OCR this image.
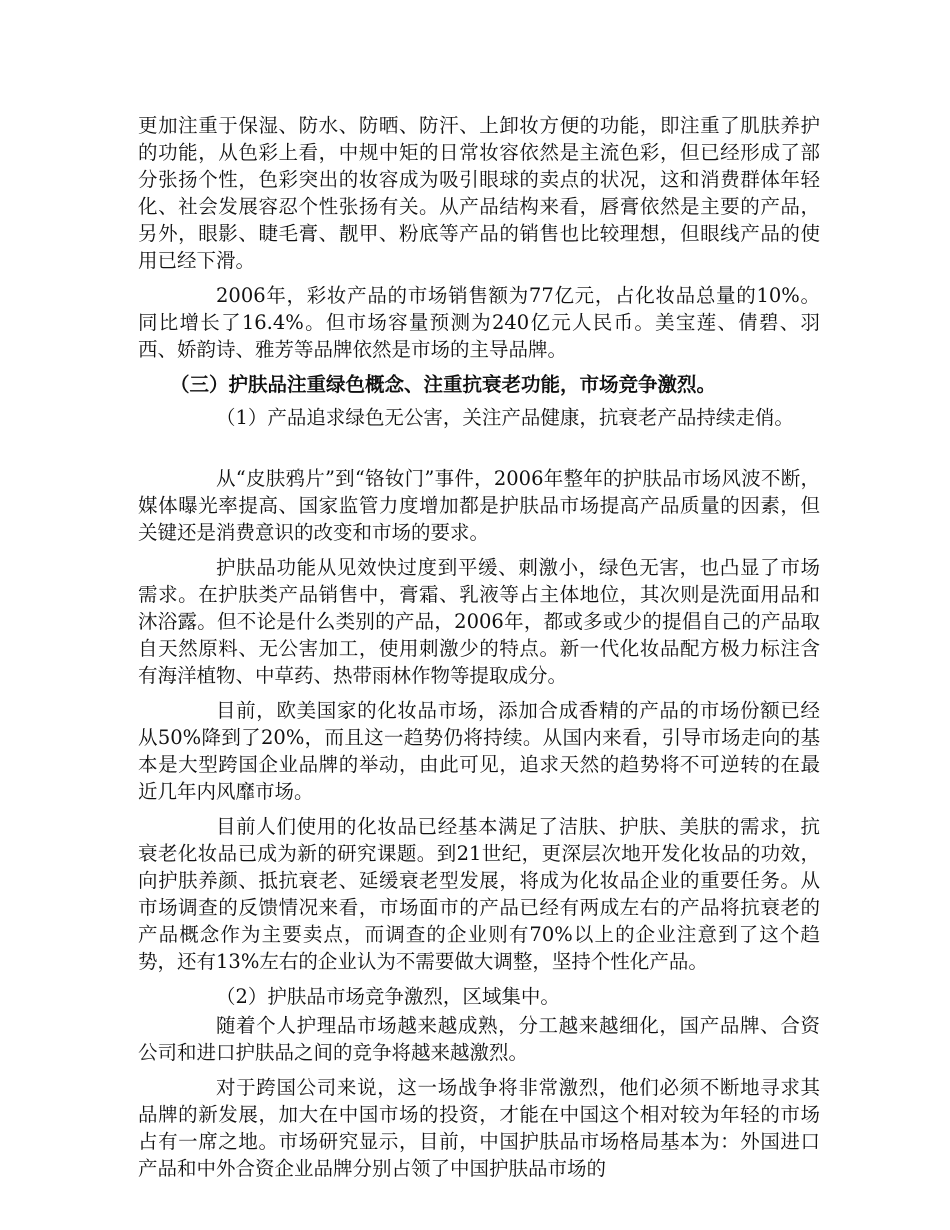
更加注重于保湿、防水、防晒、防汗、上卸妆方便的功能，即注重了肌肤养护的功能，从色彩上看，中规中矩的日常妆容依然是主流色彩，但已经形成了部分张扬个性，色彩突出的妆容成为吸引眼球的卖点的状况，这和消费群体年轻化、社会发展容忍个性张扬有关。从产品结构来看，唇膏依然是主要的产品，另外，眼影、睫毛膏、靓甲、粉底等产品的销售也比较理想，但眼线产品的使用已经下滑。

2006年，彩妆产品的市场销售额为77亿元，占化妆品总量的10%。同比增长了16.4%。但市场容量预测为240亿元人民币。美宝莲、倩碧、羽西、娇韵诗、雅芳等品牌依然是市场的主导品牌。

（三）护肤品注重绿色概念、注重抗衰老功能，市场竞争激烈。

（1）产品追求绿色无公害，关注产品健康，抗衰老产品持续走俏。

从“皮肤鸦片”到“铬钕门”事件，2006年整年的护肤品市场风波不断，媒体曝光率提高、国家监管力度增加都是护肤品市场提高产品质量的因素，但关键还是消费意识的改变和市场的要求。

护肤品功能从见效快过度到平缓、刺激小，绿色无害，也凸显了市场需求。在护肤类产品销售中，膏霜、乳液等占主体地位，其次则是洗面用品和沐浴露。但不论是什么类别的产品，2006年，都或多或少的提倡自己的产品取自天然原料、无公害加工，使用刺激少的特点。新一代化妆品配方极力标注含有海洋植物、中草药、热带雨林作物等提取成分。

目前，欧美国家的化妆品市场，添加合成香精的产品的市场份额已经从50%降到了20%，而且这一趋势仍将持续。从国内来看，引导市场走向的基本是大型跨国企业品牌的举动，由此可见，追求天然的趋势将不可逆转的在最近几年内风靡市场。

目前人们使用的化妆品已经基本满足了洁肤、护肤、美肤的需求，抗衰老化妆品已成为新的研究课题。到21世纪，更深层次地开发化妆品的功效，向护肤养颜、抵抗衰老、延缓衰老型发展，将成为化妆品企业的重要任务。从市场调查的反馈情况来看，市场面市的产品已经有两成左右的产品将抗衰老的产品概念作为主要卖点，而调查的企业则有70%以上的企业注意到了这个趋势，还有13%左右的企业认为不需要做大调整，坚持个性化产品。

（2）护肤品市场竞争激烈，区域集中。

随着个人护理品市场越来越成熟，分工越来越细化，国产品牌、合资公司和进口护肤品之间的竞争将越来越激烈。

对于跨国公司来说，这一场战争将非常激烈，他们必须不断地寻求其品牌的新发展，加大在中国市场的投资，才能在中国这个相对较为年轻的市场占有一席之地。市场研究显示，目前，中国护肤品市场格局基本为：外国进口产品和中外合资企业品牌分别占领了中国护肤品市场的
